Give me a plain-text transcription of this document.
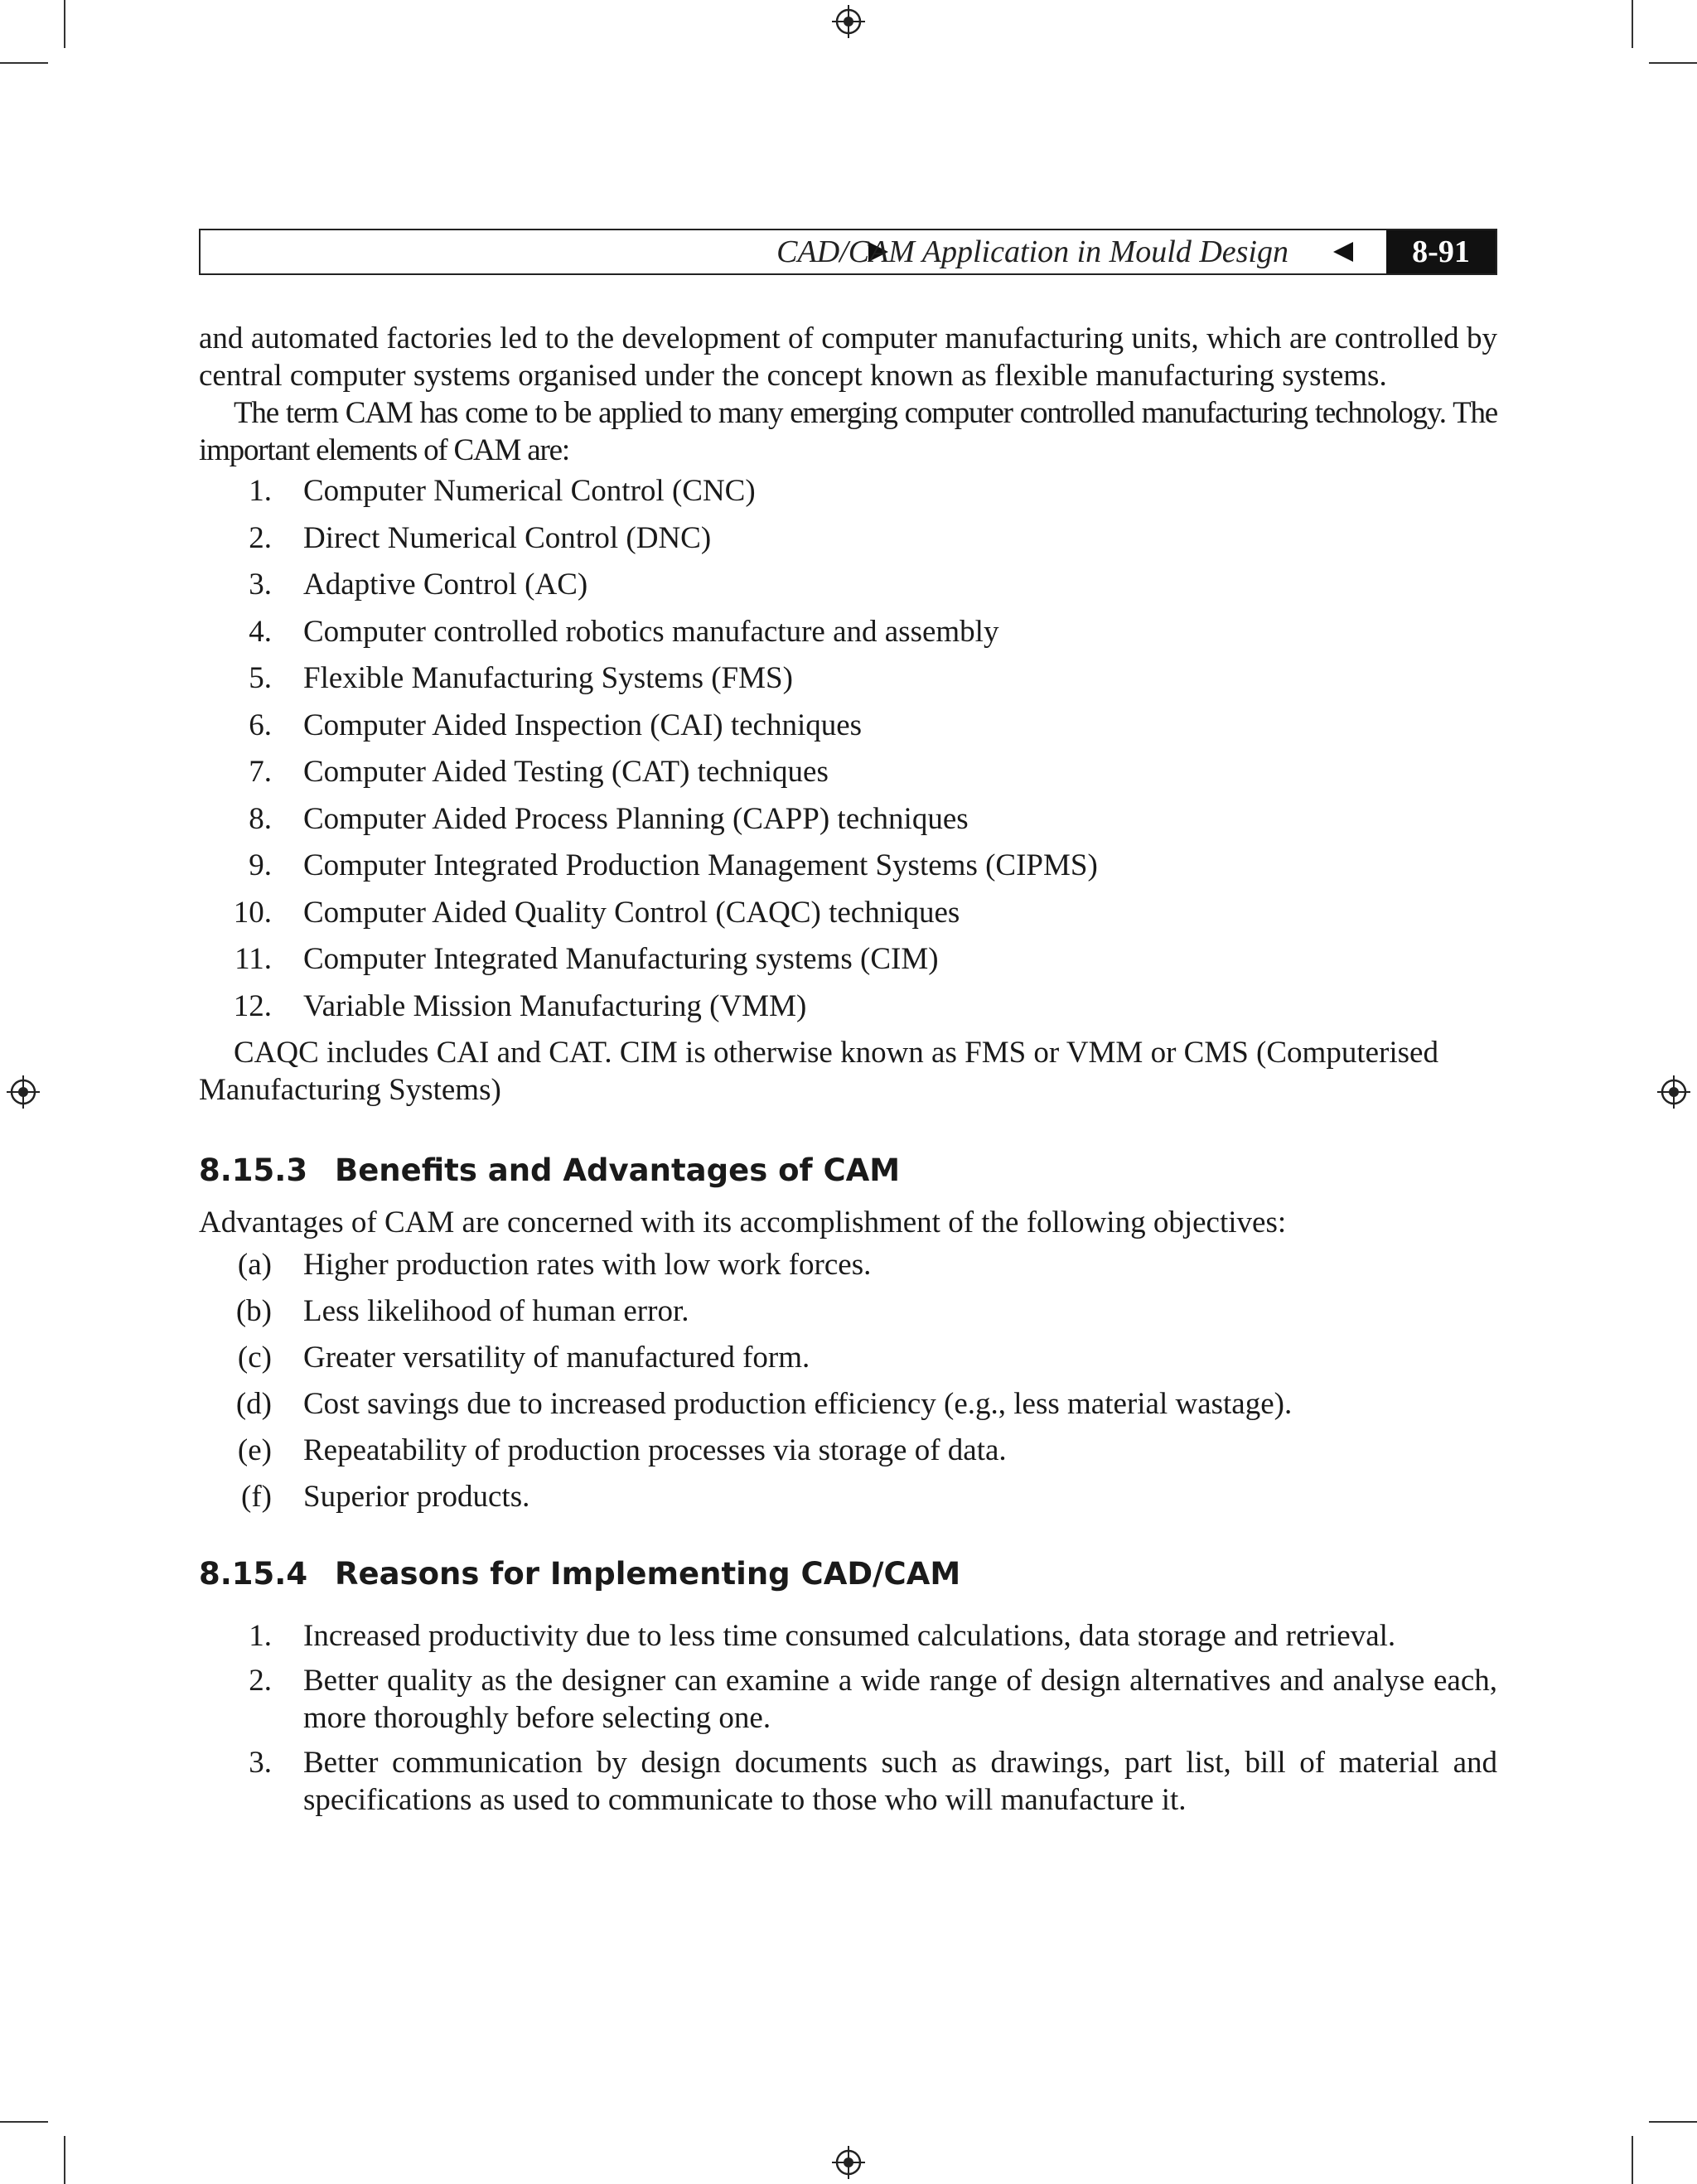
CAD/CAM Application in Mould Design	8-91

and automated factories led to the development of computer manufacturing units, which are controlled by central computer systems organised under the concept known as flexible manufacturing systems.

The term CAM has come to be applied to many emerging computer controlled manufacturing technology. The important elements of CAM are:

1. Computer Numerical Control (CNC)
2. Direct Numerical Control (DNC)
3. Adaptive Control (AC)
4. Computer controlled robotics manufacture and assembly
5. Flexible Manufacturing Systems (FMS)
6. Computer Aided Inspection (CAI) techniques
7. Computer Aided Testing (CAT) techniques
8. Computer Aided Process Planning (CAPP) techniques
9. Computer Integrated Production Management Systems (CIPMS)
10. Computer Aided Quality Control (CAQC) techniques
11. Computer Integrated Manufacturing systems (CIM)
12. Variable Mission Manufacturing (VMM)

CAQC includes CAI and CAT. CIM is otherwise known as FMS or VMM or CMS (Computerised Manufacturing Systems)

8.15.3 Benefits and Advantages of CAM

Advantages of CAM are concerned with its accomplishment of the following objectives:

(a) Higher production rates with low work forces.
(b) Less likelihood of human error.
(c) Greater versatility of manufactured form.
(d) Cost savings due to increased production efficiency (e.g., less material wastage).
(e) Repeatability of production processes via storage of data.
(f) Superior products.
8.15.4 Reasons for Implementing CAD/CAM
1. Increased productivity due to less time consumed calculations, data storage and retrieval.
2. Better quality as the designer can examine a wide range of design alternatives and analyse each, more thoroughly before selecting one.
3. Better communication by design documents such as drawings, part list, bill of material and specifications as used to communicate to those who will manufacture it.
